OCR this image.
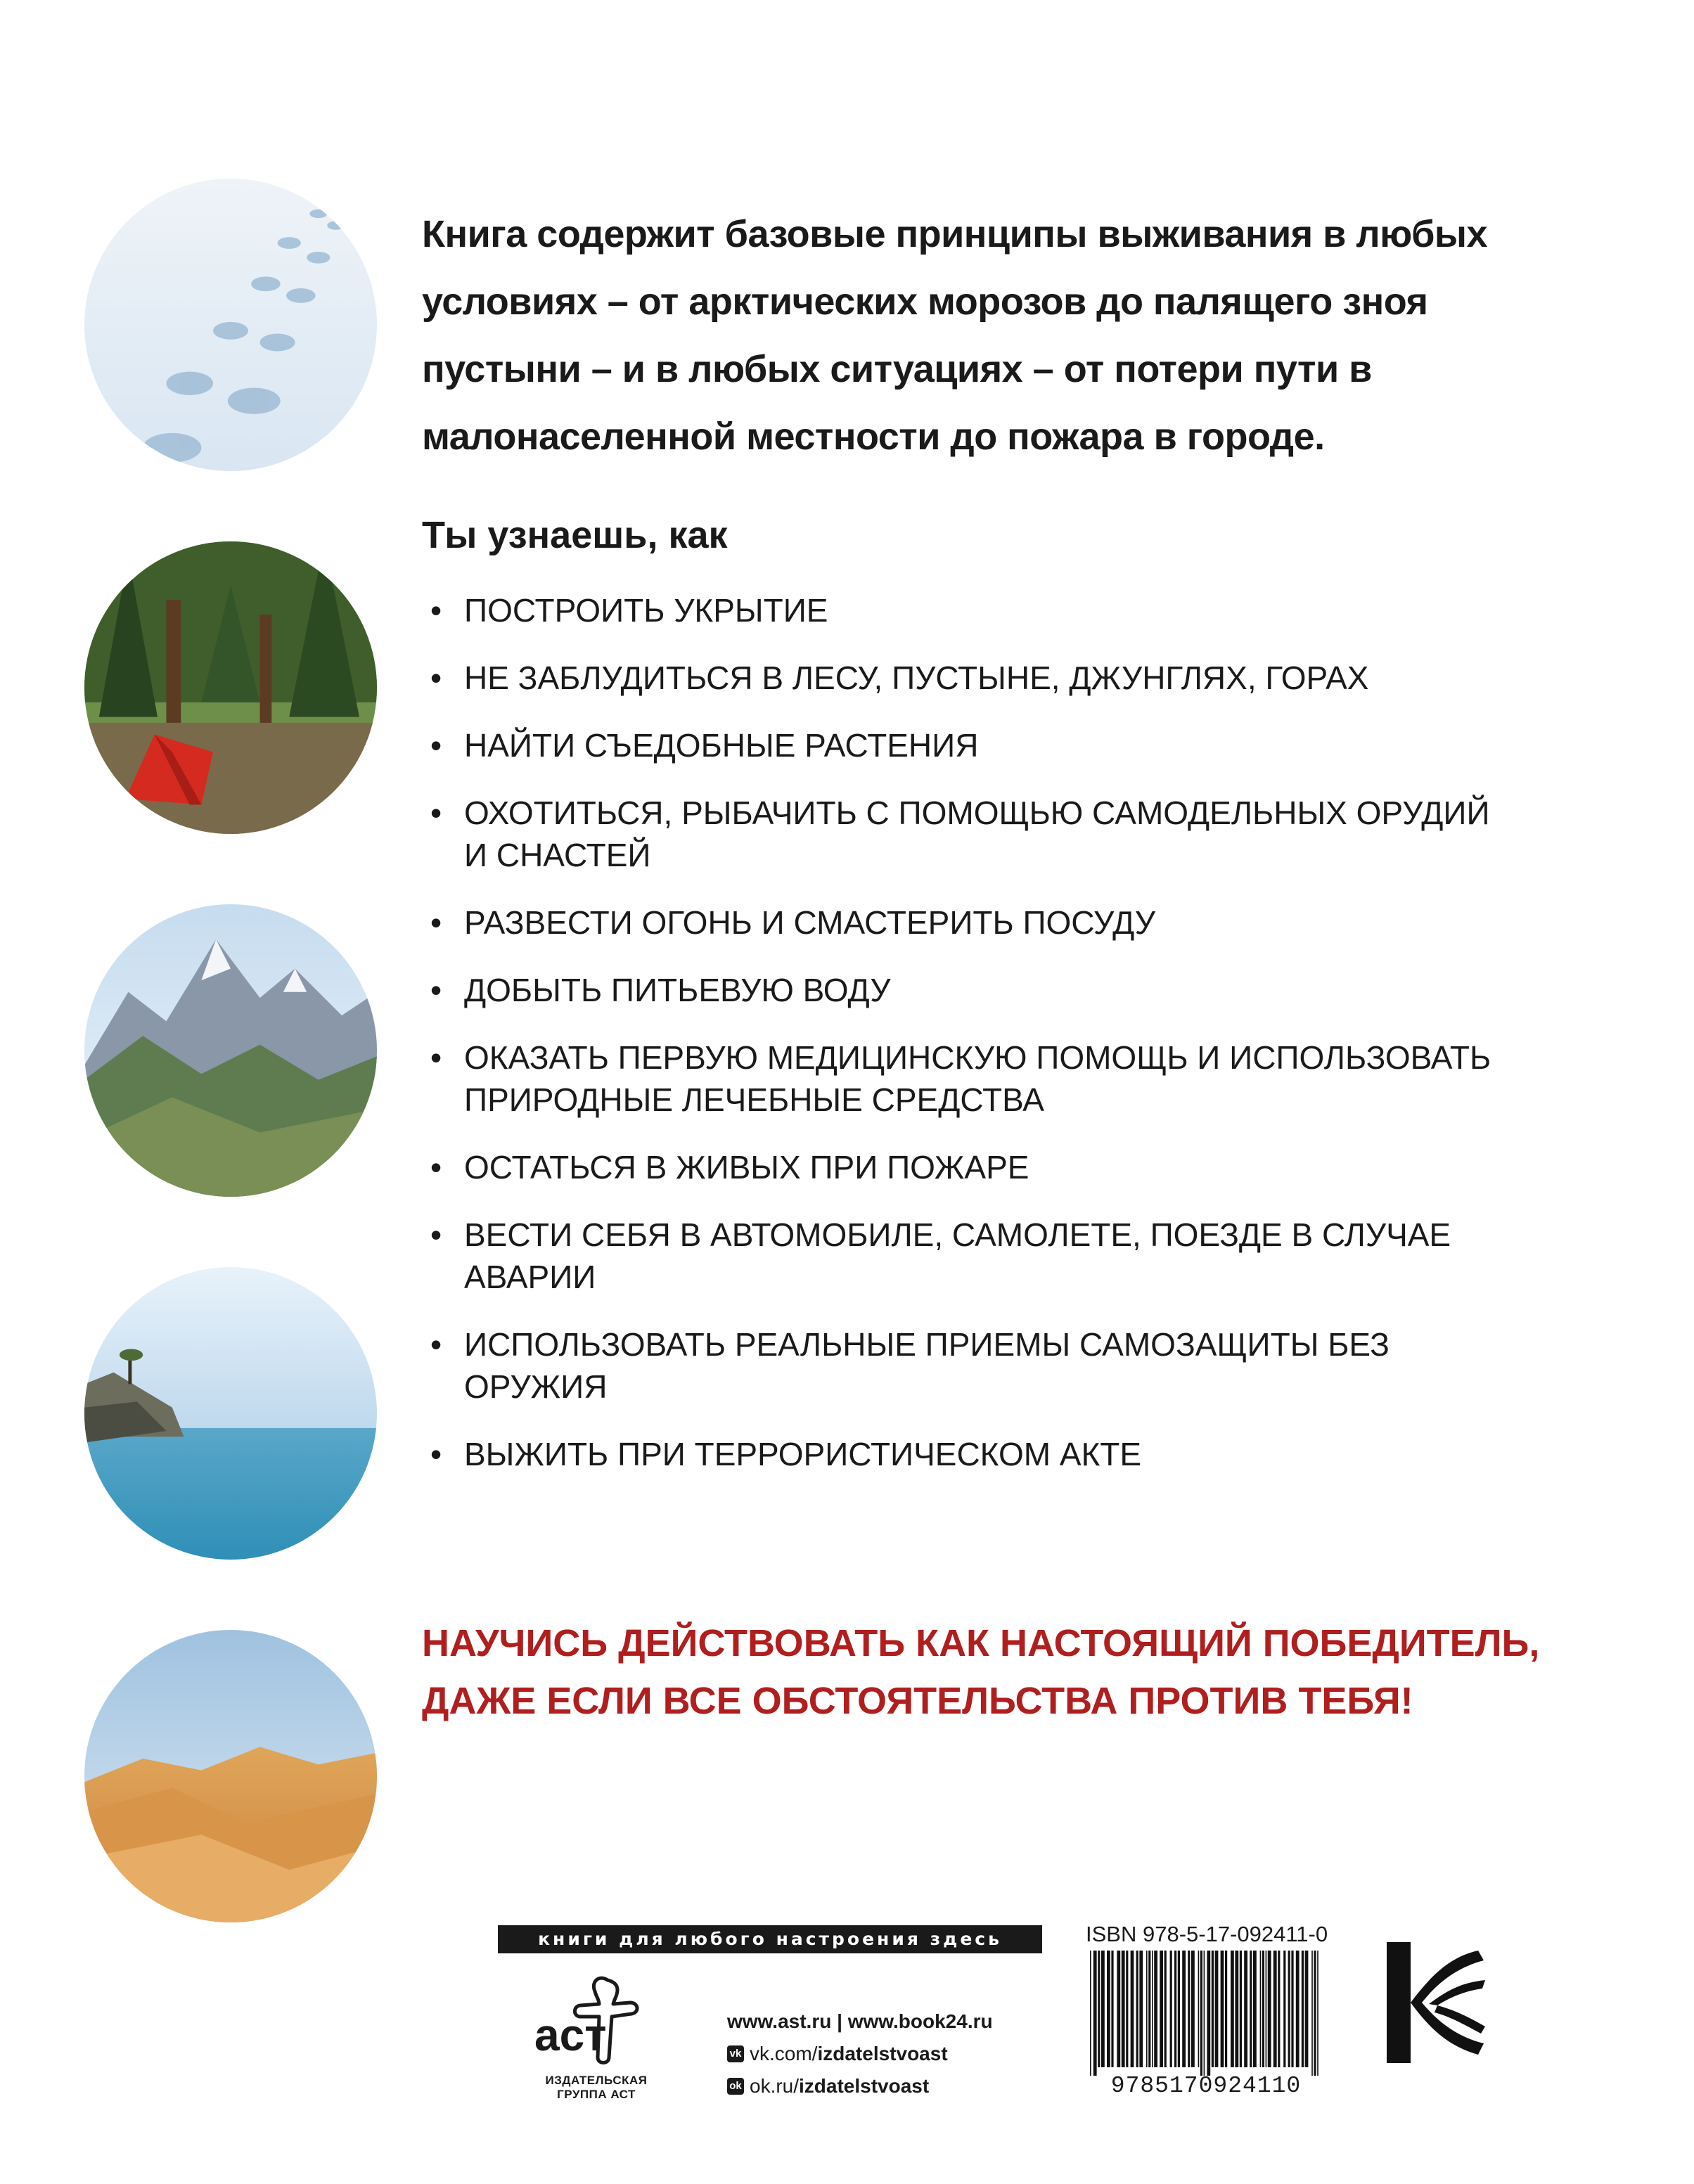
Книга содержит базовые принципы выживания в любых условиях – от арктических морозов до палящего зноя пустыни – и в любых ситуациях – от потери пути в малонаселенной местности до пожара в городе.
Ты узнаешь, как
• ПОСТРОИТЬ УКРЫТИЕ
• НЕ ЗАБЛУДИТЬСЯ В ЛЕСУ, ПУСТЫНЕ, ДЖУНГЛЯХ, ГОРАХ
• НАЙТИ СЪЕДОБНЫЕ РАСТЕНИЯ
• ОХОТИТЬСЯ, РЫБАЧИТЬ С ПОМОЩЬЮ САМОДЕЛЬНЫХ ОРУДИЙ И СНАСТЕЙ
• РАЗВЕСТИ ОГОНЬ И СМАСТЕРИТЬ ПОСУДУ
• ДОБЫТЬ ПИТЬЕВУЮ ВОДУ
• ОКАЗАТЬ ПЕРВУЮ МЕДИЦИНСКУЮ ПОМОЩЬ И ИСПОЛЬЗОВАТЬ ПРИРОДНЫЕ ЛЕЧЕБНЫЕ СРЕДСТВА
• ОСТАТЬСЯ В ЖИВЫХ ПРИ ПОЖАРЕ
• ВЕСТИ СЕБЯ В АВТОМОБИЛЕ, САМОЛЕТЕ, ПОЕЗДЕ В СЛУЧАЕ АВАРИИ
• ИСПОЛЬЗОВАТЬ РЕАЛЬНЫЕ ПРИЕМЫ САМОЗАЩИТЫ БЕЗ ОРУЖИЯ
• ВЫЖИТЬ ПРИ ТЕРРОРИСТИЧЕСКОМ АКТЕ
НАУЧИСЬ ДЕЙСТВОВАТЬ КАК НАСТОЯЩИЙ ПОБЕДИТЕЛЬ, ДАЖЕ ЕСЛИ ВСЕ ОБСТОЯТЕЛЬСТВА ПРОТИВ ТЕБЯ!
книги для любого настроения здесь
аст
ИЗДАТЕЛЬСКАЯ ГРУППА АСТ
www.ast.ru | www.book24.ru
vk vk.com/ izdatelstvoast
ok ok.ru/ izdatelstvoast
ISBN 978-5-17-092411-0
9785170924110
